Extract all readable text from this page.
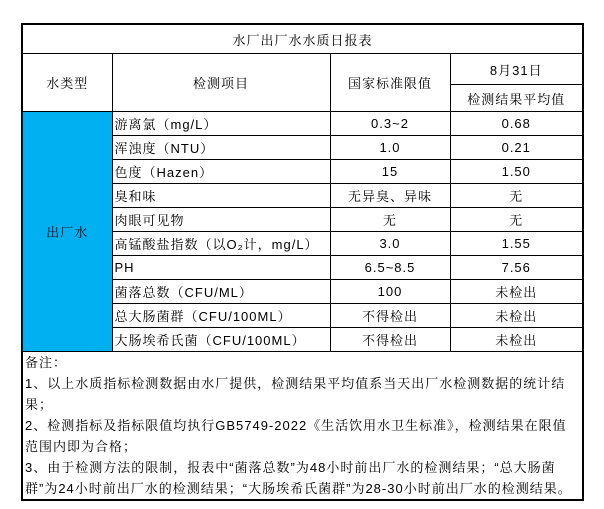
水厂出厂水水质日报表			
水类型	检测项目	国家标准限值	8月31日
			检测结果平均值
出厂水	游离氯（mg/L）	0.3~2	0.68
	浑浊度（NTU）	1.0	0.21
	色度（Hazen）	15	1.50
	臭和味	无异臭、异味	无
	肉眼可见物	无	无
	高锰酸盐指数（以O₂计，mg/L）	3.0	1.55
	PH	6.5~8.5	7.56
	菌落总数（CFU/ML）	100	未检出
	总大肠菌群（CFU/100ML）	不得检出	未检出
	大肠埃希氏菌（CFU/100ML）	不得检出	未检出

备注：
1、以上水质指标检测数据由水厂提供，检测结果平均值系当天出厂水检测数据的统计结果；
2、检测指标及指标限值均执行GB5749-2022《生活饮用水卫生标准》，检测结果在限值范围内即为合格；
3、由于检测方法的限制，报表中“菌落总数”为48小时前出厂水的检测结果；“总大肠菌群”为24小时前出厂水的检测结果；“大肠埃希氏菌群”为28-30小时前出厂水的检测结果。			
